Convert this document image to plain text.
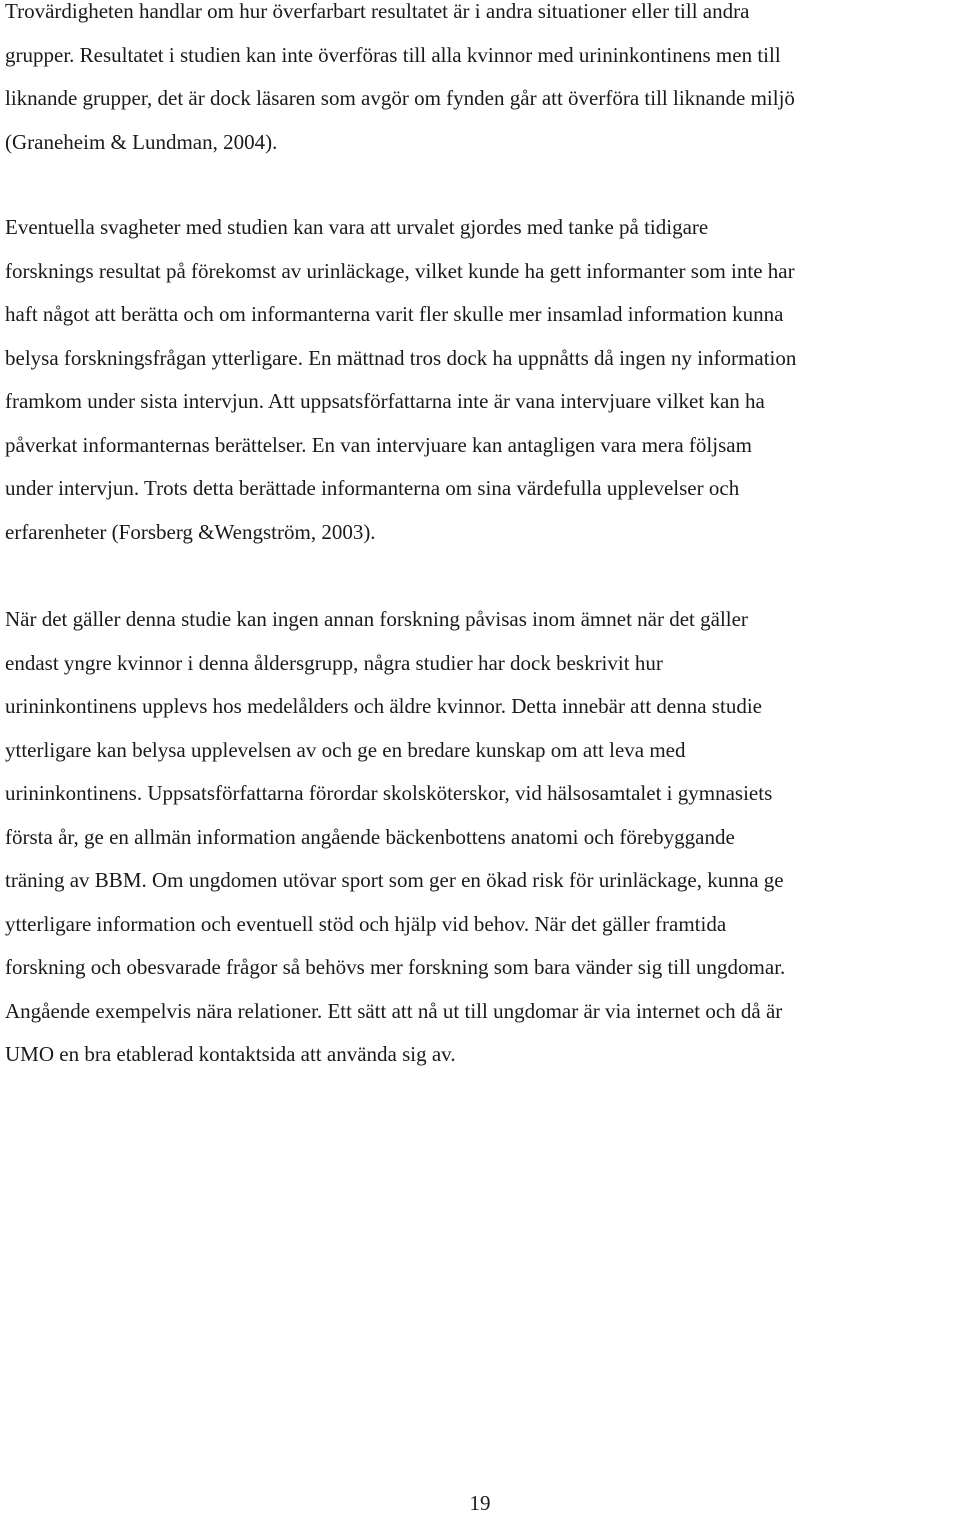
Trovärdigheten handlar om hur överfarbart resultatet är i andra situationer eller till andra
grupper. Resultatet i studien kan inte överföras till alla kvinnor med urininkontinens men till
liknande grupper, det är dock läsaren som avgör om fynden går att överföra till liknande miljö
(Graneheim & Lundman, 2004).

Eventuella svagheter med studien kan vara att urvalet gjordes med tanke på tidigare
forsknings resultat på förekomst av urinläckage, vilket kunde ha gett informanter som inte har
haft något att berätta och om informanterna varit fler skulle mer insamlad information kunna
belysa forskningsfrågan ytterligare. En mättnad tros dock ha uppnåtts då ingen ny information
framkom under sista intervjun. Att uppsatsförfattarna inte är vana intervjuare vilket kan ha
påverkat informanternas berättelser. En van intervjuare kan antagligen vara mera följsam
under intervjun. Trots detta berättade informanterna om sina värdefulla upplevelser och
erfarenheter (Forsberg &Wengström, 2003).

När det gäller denna studie kan ingen annan forskning påvisas inom ämnet när det gäller
endast yngre kvinnor i denna åldersgrupp, några studier har dock beskrivit hur
urininkontinens upplevs hos medelålders och äldre kvinnor. Detta innebär att denna studie
ytterligare kan belysa upplevelsen av och ge en bredare kunskap om att leva med
urininkontinens. Uppsatsförfattarna förordar skolsköterskor, vid hälsosamtalet i gymnasiets
första år, ge en allmän information angående bäckenbottens anatomi och förebyggande
träning av BBM. Om ungdomen utövar sport som ger en ökad risk för urinläckage, kunna ge
ytterligare information och eventuell stöd och hjälp vid behov. När det gäller framtida
forskning och obesvarade frågor så behövs mer forskning som bara vänder sig till ungdomar.
Angående exempelvis nära relationer. Ett sätt att nå ut till ungdomar är via internet och då är
UMO en bra etablerad kontaktsida att använda sig av.

19
